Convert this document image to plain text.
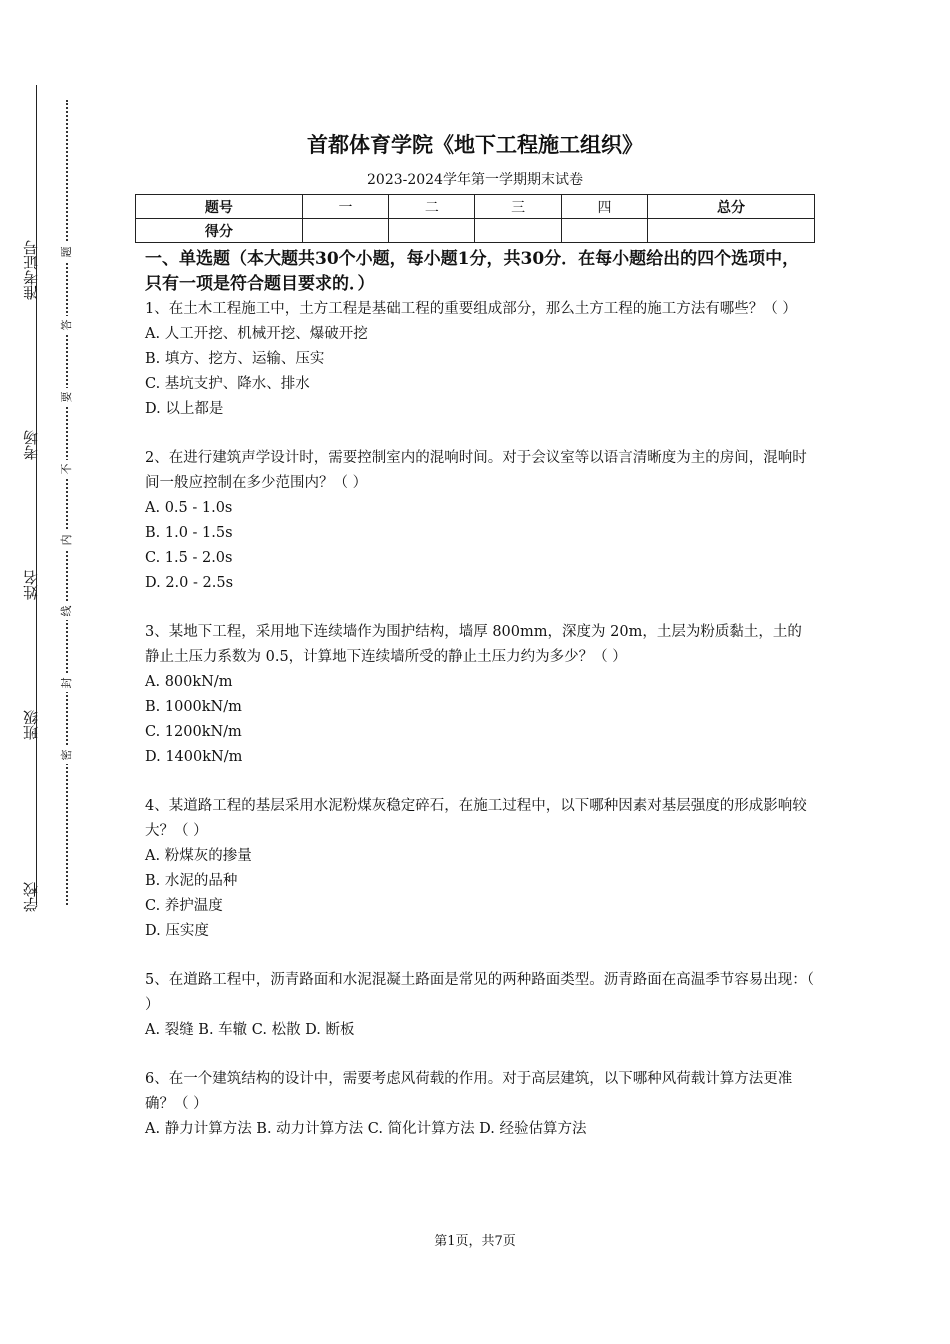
准考证号
考场
姓名
班级
学校
题
答
要
不
内
线
封
密
首都体育学院《地下工程施工组织》
2023-2024学年第一学期期末试卷
题号	一	二	三	四	总分
得分					
一、单选题（本大题共30个小题，每小题1分，共30分．在每小题给出的四个选项中，只有一项是符合题目要求的．）
1、在土木工程施工中，土方工程是基础工程的重要组成部分，那么土方工程的施工方法有哪些？（ ）
A. 人工开挖、机械开挖、爆破开挖
B. 填方、挖方、运输、压实
C. 基坑支护、降水、排水
D. 以上都是
2、在进行建筑声学设计时，需要控制室内的混响时间。对于会议室等以语言清晰度为主的房间，混响时间一般应控制在多少范围内？（ ）
A. 0.5 - 1.0s
B. 1.0 - 1.5s
C. 1.5 - 2.0s
D. 2.0 - 2.5s
3、某地下工程，采用地下连续墙作为围护结构，墙厚 800mm，深度为 20m，土层为粉质黏土，土的静止土压力系数为 0.5，计算地下连续墙所受的静止土压力约为多少？（ ）
A. 800kN/m
B. 1000kN/m
C. 1200kN/m
D. 1400kN/m
4、某道路工程的基层采用水泥粉煤灰稳定碎石，在施工过程中，以下哪种因素对基层强度的形成影响较大？（ ）
A. 粉煤灰的掺量
B. 水泥的品种
C. 养护温度
D. 压实度
5、在道路工程中，沥青路面和水泥混凝土路面是常见的两种路面类型。沥青路面在高温季节容易出现：（ ）
A. 裂缝 B. 车辙 C. 松散 D. 断板
6、在一个建筑结构的设计中，需要考虑风荷载的作用。对于高层建筑，以下哪种风荷载计算方法更准确？（ ）
A. 静力计算方法 B. 动力计算方法 C. 简化计算方法 D. 经验估算方法
第1页，共7页
